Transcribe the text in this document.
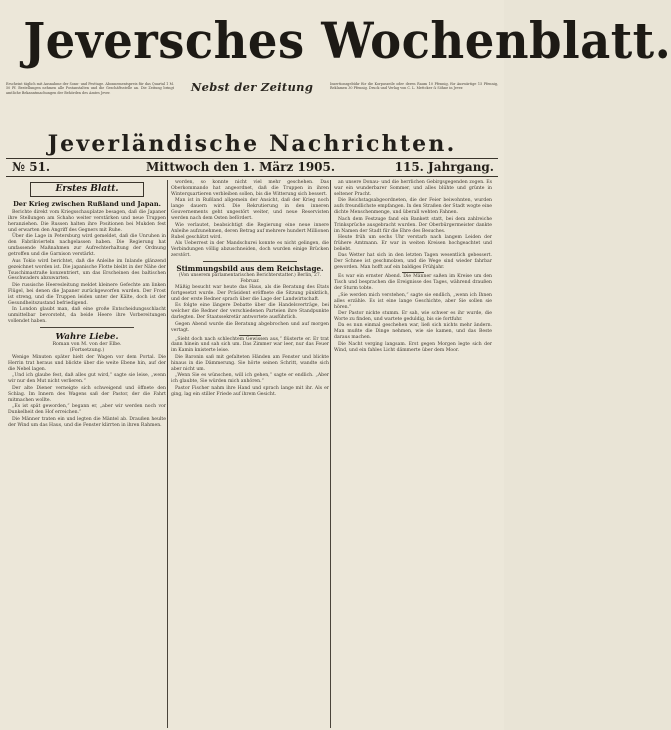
Jeversches Wochenblatt.
Erscheint täglich mit Ausnahme der Sonn- und Festtage. Abonnementspreis für das Quartal 1 M. 50 Pf. Bestellungen nehmen alle Postanstalten und die Geschäftsstelle an. Die Zeitung bringt amtliche Bekanntmachungen der Behörden des Amtes Jever.	Nebst der Zeitung	Insertionsgebühr für die Korpuszeile oder deren Raum 10 Pfennig, für Auswärtige 15 Pfennig, Reklamen 30 Pfennig. Druck und Verlag von C. L. Mettcker & Söhne in Jever.
Jeverländische Nachrichten.
№ 51.	Mittwoch den 1. März 1905.	115. Jahrgang.
Erstes Blatt.
Der Krieg zwischen Rußland und Japan.

Berichte direkt vom Kriegsschauplatze besagen, daß die Japaner ihre Stellungen am Schaho weiter verstärken und neue Truppen heranziehen. Die Russen halten ihre Positionen bei Mukden fest und erwarten den Angriff des Gegners mit Ruhe.

Über die Lage in Petersburg wird gemeldet, daß die Unruhen in den Fabrikvierteln nachgelassen haben. Die Regierung hat umfassende Maßnahmen zur Aufrechterhaltung der Ordnung getroffen und die Garnison verstärkt.

Aus Tokio wird berichtet, daß die Anleihe im Inlande glänzend gezeichnet worden ist. Die japanische Flotte bleibt in der Nähe der Tsuschimastraße konzentriert, um das Erscheinen des baltischen Geschwaders abzuwarten.

Die russische Heeresleitung meldet kleinere Gefechte am linken Flügel, bei denen die Japaner zurückgeworfen wurden. Der Frost ist streng, und die Truppen leiden unter der Kälte, doch ist der Gesundheitszustand befriedigend.

In London glaubt man, daß eine große Entscheidungsschlacht unmittelbar bevorsteht, da beide Heere ihre Vorbereitungen vollendet haben.

Wahre Liebe.
Roman von M. von der Elbe.
(Fortsetzung.)

Wenige Minuten später hielt der Wagen vor dem Portal. Die Herrin trat heraus und blickte über die weite Ebene hin, auf der die Nebel lagen.

„Und ich glaube fest, daß alles gut wird,“ sagte sie leise, „wenn wir nur den Mut nicht verlieren.“

Der alte Diener verneigte sich schweigend und öffnete den Schlag. Im Innern des Wagens saß der Pastor, der die Fahrt mitmachen wollte.

„Es ist spät geworden,“ begann er, „aber wir werden noch vor Dunkelheit den Hof erreichen.“

Die Männer traten ein und legten die Mäntel ab. Draußen heulte der Wind um das Haus, und die Fenster klirrten in ihren Rahmen.

worden, so konnte nicht viel mehr geschehen. Das Oberkommando hat angeordnet, daß die Truppen in ihren Winterquartieren verbleiben sollen, bis die Witterung sich bessert.

Man ist in Rußland allgemein der Ansicht, daß der Krieg noch lange dauern wird. Die Rekrutierung in den inneren Gouvernements geht ungestört weiter, und neue Reservisten werden nach dem Osten befördert.

Wie verlautet, beabsichtigt die Regierung eine neue innere Anleihe aufzunehmen, deren Betrag auf mehrere hundert Millionen Rubel geschätzt wird.

Als Ueberrest in der Mandschurei konnte es nicht gelingen, die Verbindungen völlig abzuschneiden, doch wurden einige Brücken zerstört.

Stimmungsbild aus dem Reichstage.
(Von unserem parlamentarischen Berichterstatter.) Berlin, 27. Februar.

Mäßig besucht war heute das Haus, als die Beratung des Etats fortgesetzt wurde. Der Präsident eröffnete die Sitzung pünktlich, und der erste Redner sprach über die Lage der Landwirtschaft.

Es folgte eine längere Debatte über die Handelsverträge, bei welcher die Redner der verschiedenen Parteien ihre Standpunkte darlegten. Der Staatssekretär antwortete ausführlich.

Gegen Abend wurde die Beratung abgebrochen und auf morgen vertagt.

„Sieht doch nach schlechtem Gewissen aus,“ flüsterte er. Er trat dann hinein und sah sich um. Das Zimmer war leer, nur das Feuer im Kamin knisterte leise.

Die Baronin saß mit gefalteten Händen am Fenster und blickte hinaus in die Dämmerung. Sie hörte seinen Schritt, wandte sich aber nicht um.

„Wenn Sie es wünschen, will ich gehen,“ sagte er endlich. „Aber ich glaubte, Sie würden mich anhören.“

Pastor Fischer nahm ihre Hand und sprach lange mit ihr. Als er ging, lag ein stiller Friede auf ihrem Gesicht.

an unsere Donau- und die herrlichen Gebirgsgegenden zogen. Es war ein wunderbarer Sommer, und alles blühte und grünte in seltener Pracht.

Die Reichstagsabgeordneten, die der Feier beiwohnten, wurden aufs freundlichste empfangen. In den Straßen der Stadt wogte eine dichte Menschenmenge, und überall wehten Fahnen.

Nach dem Festzuge fand ein Bankett statt, bei dem zahlreiche Trinksprüche ausgebracht wurden. Der Oberbürgermeister dankte im Namen der Stadt für die Ehre des Besuches.

Heute früh um sechs Uhr verstarb nach langem Leiden der frühere Amtmann. Er war in weiten Kreisen hochgeachtet und beliebt.

Das Wetter hat sich in den letzten Tagen wesentlich gebessert. Der Schnee ist geschmolzen, und die Wege sind wieder fahrbar geworden. Man hofft auf ein baldiges Frühjahr.

Es war ein ernster Abend. Die Männer saßen im Kreise um den Tisch und besprachen die Ereignisse des Tages, während draußen der Sturm tobte.

„Sie werden mich verstehen,“ sagte sie endlich, „wenn ich Ihnen alles erzähle. Es ist eine lange Geschichte, aber Sie sollen sie hören.“

Der Pastor nickte stumm. Er sah, wie schwer es ihr wurde, die Worte zu finden, und wartete geduldig, bis sie fortfuhr.

Da es nun einmal geschehen war, ließ sich nichts mehr ändern. Man mußte die Dinge nehmen, wie sie kamen, und das Beste daraus machen.

Die Nacht verging langsam. Erst gegen Morgen legte sich der Wind, und ein fahles Licht dämmerte über dem Moor.
